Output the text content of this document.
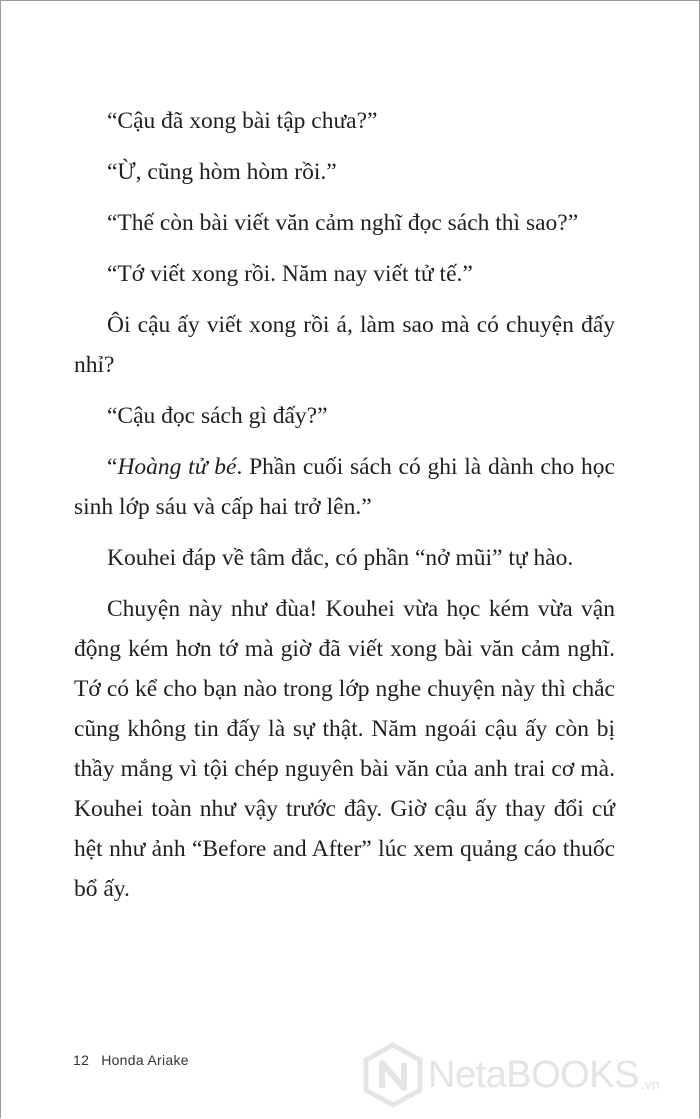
“Cậu đã xong bài tập chưa?”

“Ừ, cũng hòm hòm rồi.”

“Thế còn bài viết văn cảm nghĩ đọc sách thì sao?”

“Tớ viết xong rồi. Năm nay viết tử tế.”

Ôi cậu ấy viết xong rồi á, làm sao mà có chuyện đấy nhỉ?

“Cậu đọc sách gì đấy?”

“Hoàng tử bé. Phần cuối sách có ghi là dành cho học sinh lớp sáu và cấp hai trở lên.”

Kouhei đáp về tâm đắc, có phần “nở mũi” tự hào.

Chuyện này như đùa! Kouhei vừa học kém vừa vận động kém hơn tớ mà giờ đã viết xong bài văn cảm nghĩ. Tớ có kể cho bạn nào trong lớp nghe chuyện này thì chắc cũng không tin đấy là sự thật. Năm ngoái cậu ấy còn bị thầy mắng vì tội chép nguyên bài văn của anh trai cơ mà. Kouhei toàn như vậy trước đây. Giờ cậu ấy thay đổi cứ hệt như ảnh “Before and After” lúc xem quảng cáo thuốc bổ ấy.

12 Honda Ariake	NetaBOOKS .vn
